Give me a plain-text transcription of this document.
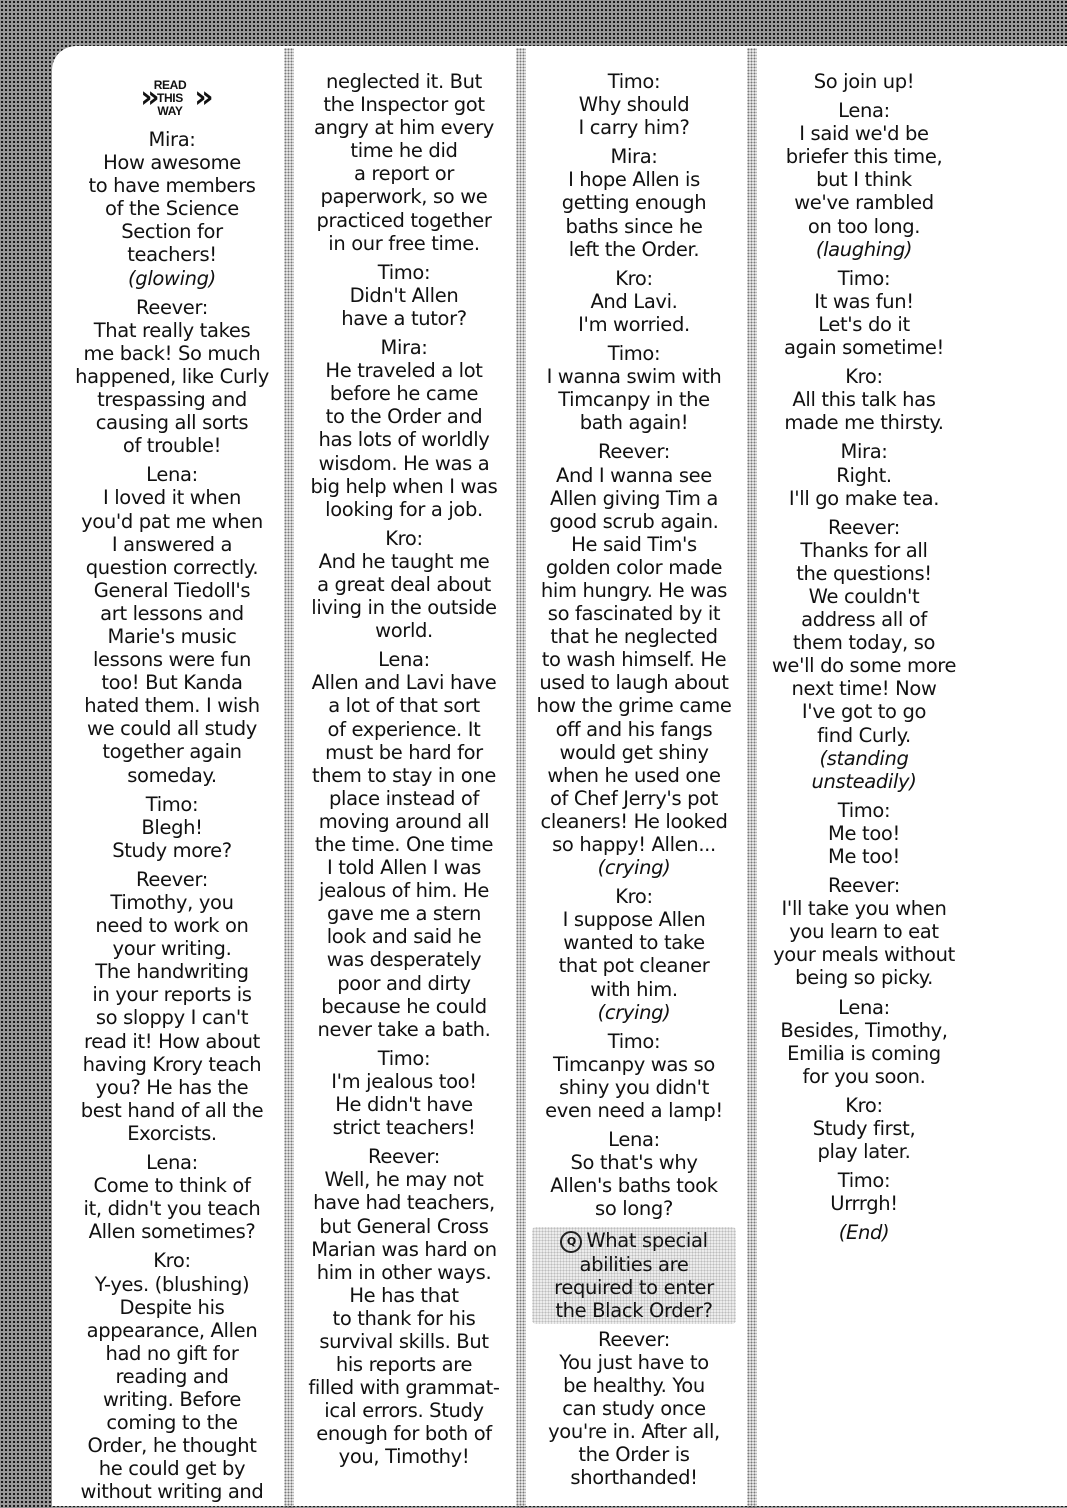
» READ
THIS
WAY »

Mira:

How awesome

to have members

of the Science

Section for

teachers!

(glowing)

Reever:

That really takes

me back! So much

happened, like Curly

trespassing and

causing all sorts

of trouble!

Lena:

I loved it when

you'd pat me when

I answered a

question correctly.

General Tiedoll's

art lessons and

Marie's music

lessons were fun

too! But Kanda

hated them. I wish

we could all study

together again

someday.

Timo:

Blegh!

Study more?

Reever:

Timothy, you

need to work on

your writing.

The handwriting

in your reports is

so sloppy I can't

read it! How about

having Krory teach

you? He has the

best hand of all the

Exorcists.

Lena:

Come to think of

it, didn't you teach

Allen sometimes?

Kro:

Y-yes. (blushing)

Despite his

appearance, Allen

had no gift for

reading and

writing. Before

coming to the

Order, he thought

he could get by

without writing and

neglected it. But

the Inspector got

angry at him every

time he did

a report or

paperwork, so we

practiced together

in our free time.

Timo:

Didn't Allen

have a tutor?

Mira:

He traveled a lot

before he came

to the Order and

has lots of worldly

wisdom. He was a

big help when I was

looking for a job.

Kro:

And he taught me

a great deal about

living in the outside

world.

Lena:

Allen and Lavi have

a lot of that sort

of experience. It

must be hard for

them to stay in one

place instead of

moving around all

the time. One time

I told Allen I was

jealous of him. He

gave me a stern

look and said he

was desperately

poor and dirty

because he could

never take a bath.

Timo:

I'm jealous too!

He didn't have

strict teachers!

Reever:

Well, he may not

have had teachers,

but General Cross

Marian was hard on

him in other ways.

He has that

to thank for his

survival skills. But

his reports are

filled with grammat-

ical errors. Study

enough for both of

you, Timothy!

Timo:

Why should

I carry him?

Mira:

I hope Allen is

getting enough

baths since he

left the Order.

Kro:

And Lavi.

I'm worried.

Timo:

I wanna swim with

Timcanpy in the

bath again!

Reever:

And I wanna see

Allen giving Tim a

good scrub again.

He said Tim's

golden color made

him hungry. He was

so fascinated by it

that he neglected

to wash himself. He

used to laugh about

how the grime came

off and his fangs

would get shiny

when he used one

of Chef Jerry's pot

cleaners! He looked

so happy! Allen...

(crying)

Kro:

I suppose Allen

wanted to take

that pot cleaner

with him.

(crying)

Timo:

Timcanpy was so

shiny you didn't

even need a lamp!

Lena:

So that's why

Allen's baths took

so long?

Q What special
abilities are
required to enter
the Black Order?

Reever:

You just have to

be healthy. You

can study once

you're in. After all,

the Order is

shorthanded!

So join up!

Lena:

I said we'd be

briefer this time,

but I think

we've rambled

on too long.

(laughing)

Timo:

It was fun!

Let's do it

again sometime!

Kro:

All this talk has

made me thirsty.

Mira:

Right.

I'll go make tea.

Reever:

Thanks for all

the questions!

We couldn't

address all of

them today, so

we'll do some more

next time! Now

I've got to go

find Curly.

(standing

unsteadily)

Timo:

Me too!

Me too!

Reever:

I'll take you when

you learn to eat

your meals without

being so picky.

Lena:

Besides, Timothy,

Emilia is coming

for you soon.

Kro:

Study first,

play later.

Timo:

Urrrgh!

(End)
